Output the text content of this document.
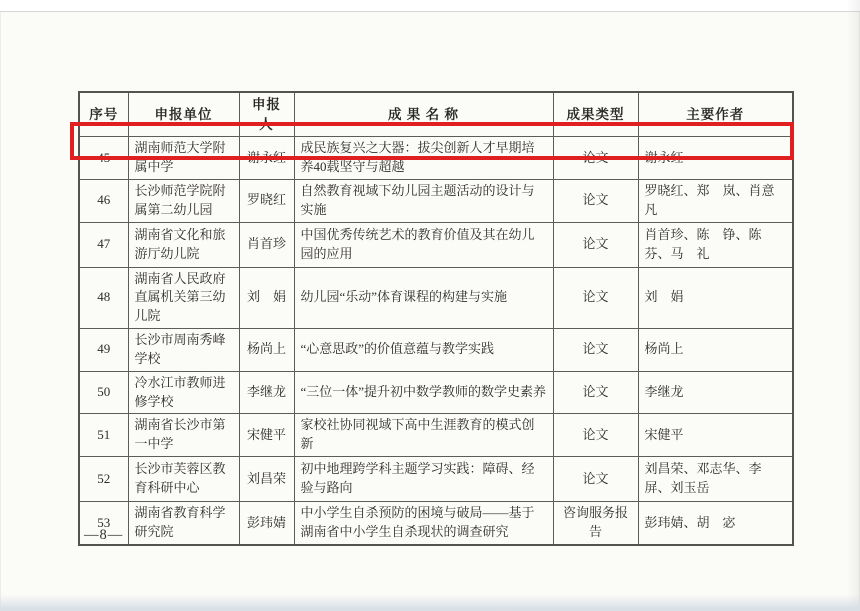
序号	申报单位	申报人	成 果 名 称	成果类型	主要作者
45	湖南师范大学附属中学	谢永红	成民族复兴之大器：拔尖创新人才早期培养40载坚守与超越	论文	谢永红
46	长沙师范学院附属第二幼儿园	罗晓红	自然教育视域下幼儿园主题活动的设计与实施	论文	罗晓红、郑　岚、肖意凡
47	湖南省文化和旅游厅幼儿院	肖首珍	中国优秀传统艺术的教育价值及其在幼儿园的应用	论文	肖首珍、陈　铮、陈　芬、马　礼
48	湖南省人民政府直属机关第三幼儿院	刘　娟	幼儿园“乐动”体育课程的构建与实施	论文	刘　娟
49	长沙市周南秀峰学校	杨尚上	“心意思政”的价值意蕴与教学实践	论文	杨尚上
50	冷水江市教师进修学校	李继龙	“三位一体”提升初中数学教师的数学史素养	论文	李继龙
51	湖南省长沙市第一中学	宋健平	家校社协同视域下高中生涯教育的模式创新	论文	宋健平
52	长沙市芙蓉区教育科研中心	刘昌荣	初中地理跨学科主题学习实践：障碍、经验与路向	论文	刘昌荣、邓志华、李　屏、刘玉岳
53	湖南省教育科学研究院	彭玮婧	中小学生自杀预防的困境与破局——基于湖南省中小学生自杀现状的调查研究	咨询服务报告	彭玮婧、胡　宓
—8—
